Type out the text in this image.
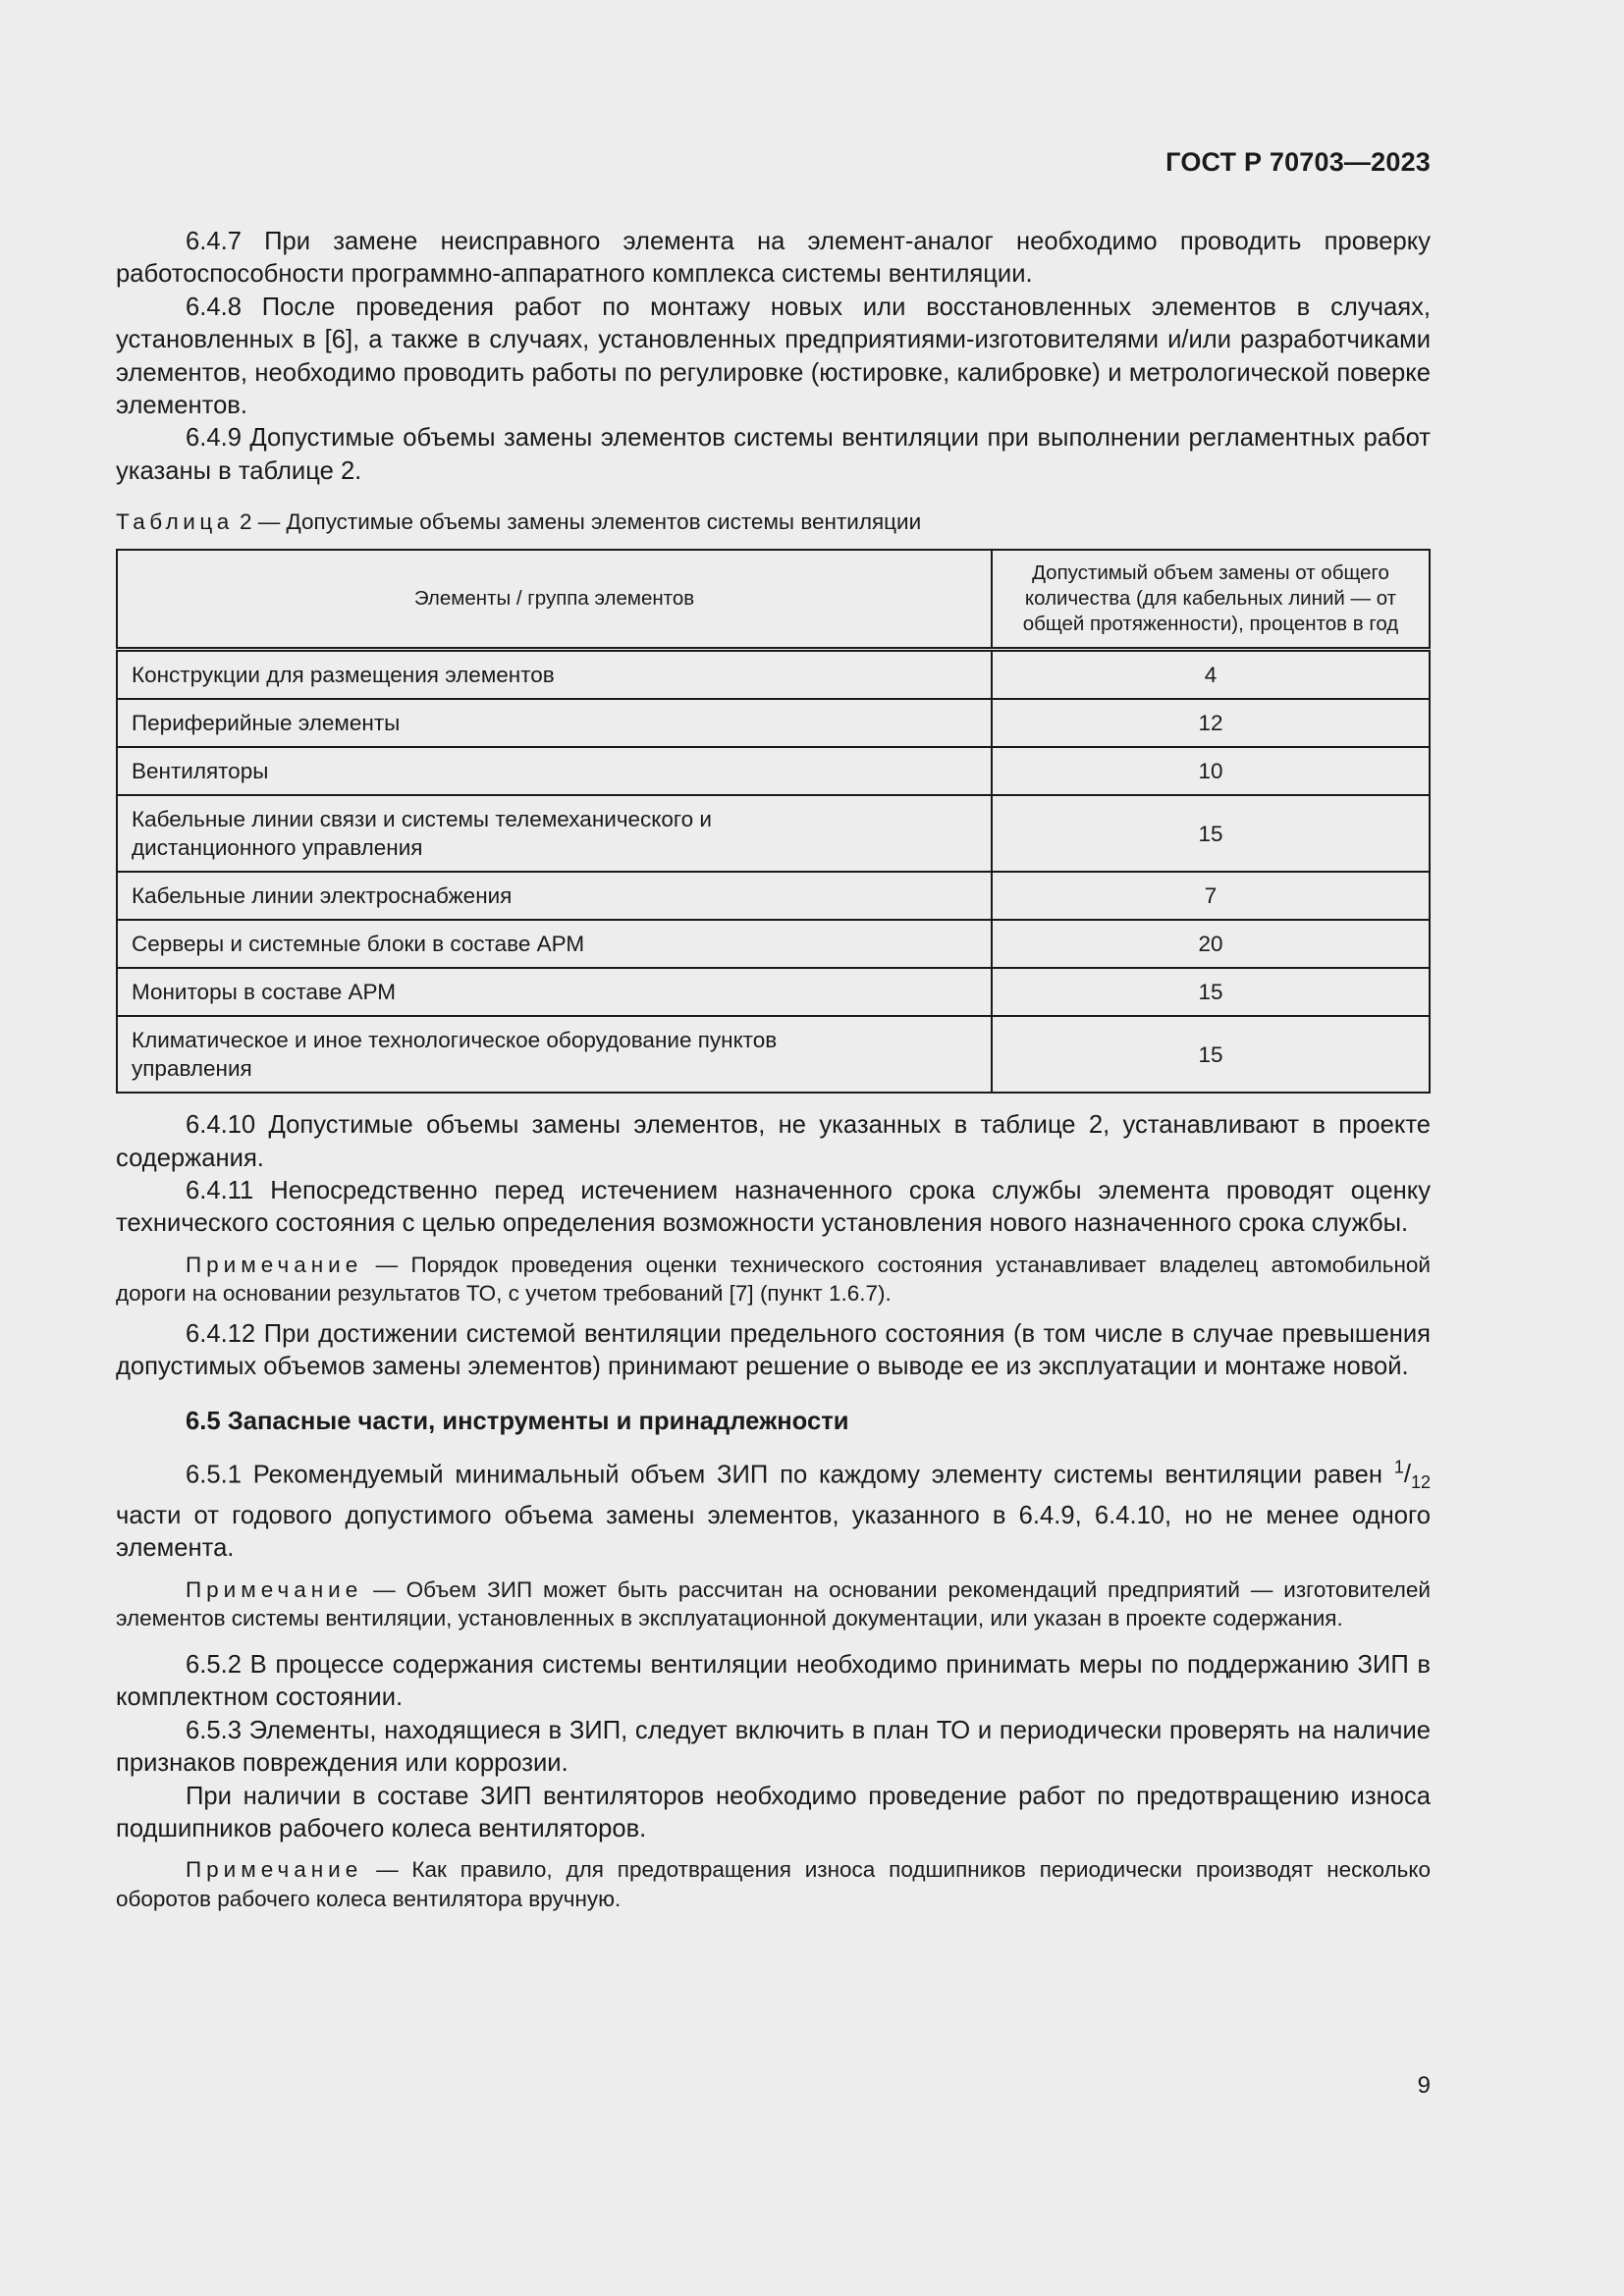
ГОСТ Р 70703—2023

6.4.7 При замене неисправного элемента на элемент-аналог необходимо проводить проверку работоспособности программно-аппаратного комплекса системы вентиляции.

6.4.8 После проведения работ по монтажу новых или восстановленных элементов в случаях, установленных в [6], а также в случаях, установленных предприятиями-изготовителями и/или разработчиками элементов, необходимо проводить работы по регулировке (юстировке, калибровке) и метрологической поверке элементов.

6.4.9 Допустимые объемы замены элементов системы вентиляции при выполнении регламентных работ указаны в таблице 2.

Таблица 2 — Допустимые объемы замены элементов системы вентиляции
Элементы / группа элементов	Допустимый объем замены от общего количества (для кабельных линий — от общей протяженности), процентов в год
Конструкции для размещения элементов	4
Периферийные элементы	12
Вентиляторы	10
Кабельные линии связи и системы телемеханического и дистанционного управления	15
Кабельные линии электроснабжения	7
Серверы и системные блоки в составе АРМ	20
Мониторы в составе АРМ	15
Климатическое и иное технологическое оборудование пунктов управления	15

6.4.10 Допустимые объемы замены элементов, не указанных в таблице 2, устанавливают в проекте содержания.

6.4.11 Непосредственно перед истечением назначенного срока службы элемента проводят оценку технического состояния с целью определения возможности установления нового назначенного срока службы.

Примечание — Порядок проведения оценки технического состояния устанавливает владелец автомобильной дороги на основании результатов ТО, с учетом требований [7] (пункт 1.6.7).

6.4.12 При достижении системой вентиляции предельного состояния (в том числе в случае превышения допустимых объемов замены элементов) принимают решение о выводе ее из эксплуатации и монтаже новой.

6.5 Запасные части, инструменты и принадлежности

6.5.1 Рекомендуемый минимальный объем ЗИП по каждому элементу системы вентиляции равен $^1/_{12}$ части от годового допустимого объема замены элементов, указанного в 6.4.9, 6.4.10, но не менее одного элемента.

Примечание — Объем ЗИП может быть рассчитан на основании рекомендаций предприятий — изготовителей элементов системы вентиляции, установленных в эксплуатационной документации, или указан в проекте содержания.

6.5.2 В процессе содержания системы вентиляции необходимо принимать меры по поддержанию ЗИП в комплектном состоянии.

6.5.3 Элементы, находящиеся в ЗИП, следует включить в план ТО и периодически проверять на наличие признаков повреждения или коррозии.

При наличии в составе ЗИП вентиляторов необходимо проведение работ по предотвращению износа подшипников рабочего колеса вентиляторов.

Примечание — Как правило, для предотвращения износа подшипников периодически производят несколько оборотов рабочего колеса вентилятора вручную.

9
